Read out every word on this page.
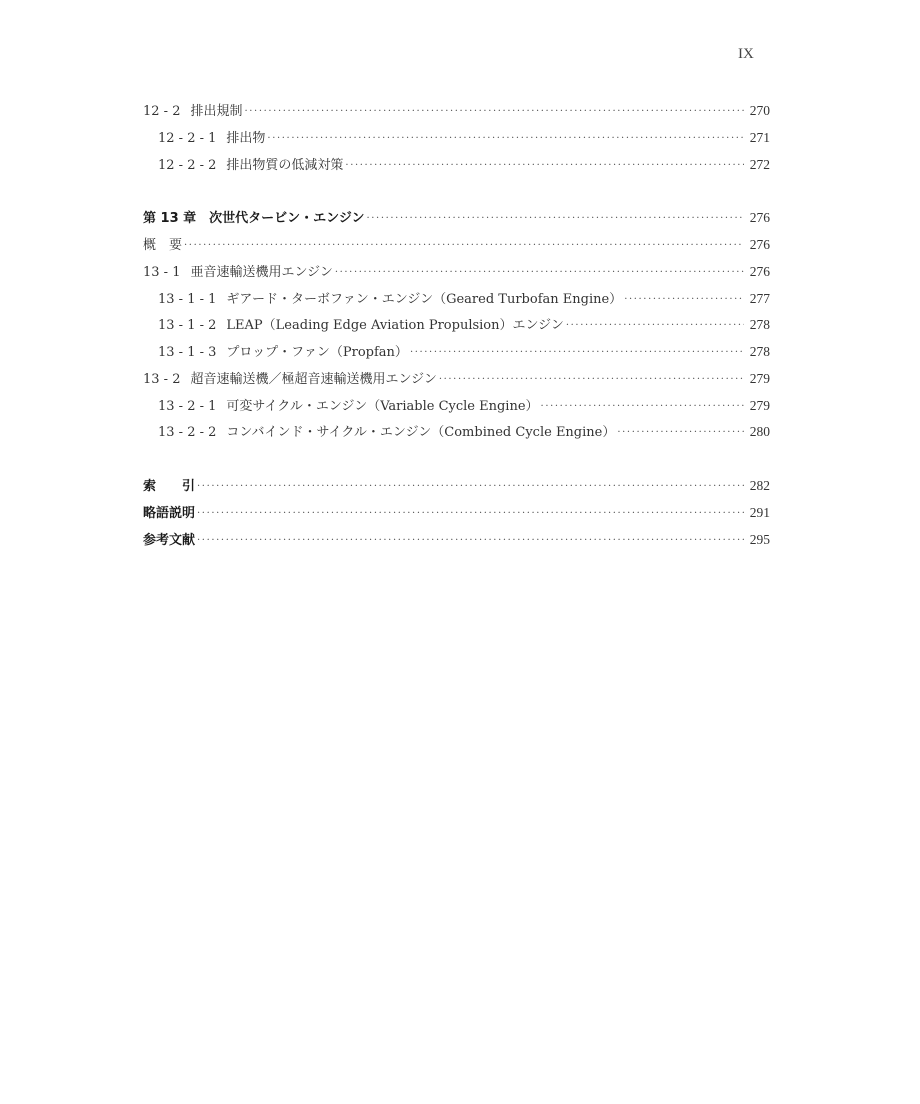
IX
12 - 2 排出規制 ·····	270
12 - 2 - 1 排出物 ·····	271
12 - 2 - 2 排出物質の低減対策 ·····	272
第 13 章　次世代タービン・エンジン ·····	276
概　要 ·····	276
13 - 1 亜音速輸送機用エンジン ·····	276
13 - 1 - 1 ギアード・ターボファン・エンジン（Geared Turbofan Engine） ·····	277
13 - 1 - 2 LEAP（Leading Edge Aviation Propulsion）エンジン ·····	278
13 - 1 - 3 プロップ・ファン（Propfan） ·····	278
13 - 2 超音速輸送機／極超音速輸送機用エンジン ·····	279
13 - 2 - 1 可変サイクル・エンジン（Variable Cycle Engine） ·····	279
13 - 2 - 2 コンバインド・サイクル・エンジン（Combined Cycle Engine） ·····	280
索　　引 ·····	282
略語説明 ·····	291
参考文献 ·····	295
